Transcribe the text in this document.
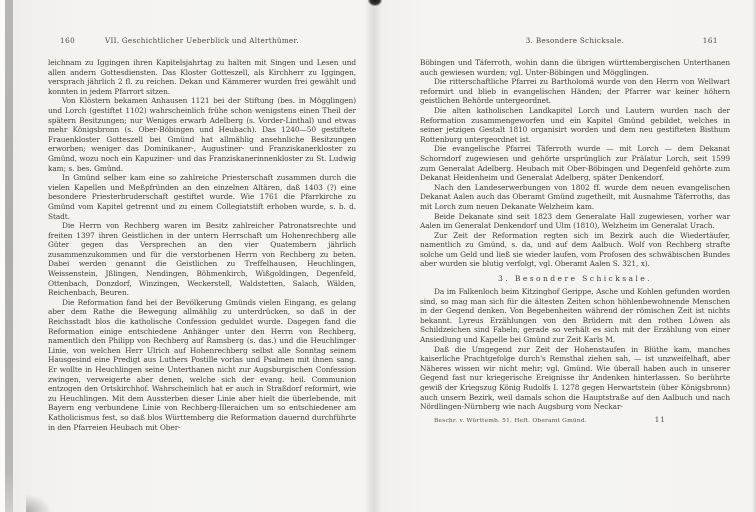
160	VII. Geschichtlicher Ueberblick und Alterthümer.

leichnam zu Iggingen ihren Kapitelsjahrtag zu halten mit Singen und Lesen und allen andern Gottesdiensten. Das Kloster Gotteszell, als Kirchherr zu Iggingen, versprach jährlich 2 fl. zu reichen. Dekan und Kämmerer wurden frei gewählt und konnten in jedem Pfarrort sitzen.

Von Klöstern bekamen Anhausen 1121 bei der Stiftung (bes. in Mögglingen) und Lorch (gestiftet 1102) wahrscheinlich frühe schon wenigstens einen Theil der spätern Besitzungen; nur Weniges erwarb Adelberg (s. Vorder-Linthal) und etwas mehr Königsbronn (s. Ober-Böbingen und Heubach). Das 1240—50 gestiftete Frauenkloster Gotteszell bei Gmünd hat allmählig ansehnliche Besitzungen erworben; weniger das Dominikaner-, Augustiner- und Franziskanerkloster zu Gmünd, wozu noch ein Kapuziner- und das Franziskanerinnenkloster zu St. Ludwig kam; s. bes. Gmünd.

In Gmünd selber kam eine so zahlreiche Priesterschaft zusammen durch die vielen Kapellen und Meßpfründen an den einzelnen Altären, daß 1403 (?) eine besondere Priesterbruderschaft gestiftet wurde. Wie 1761 die Pfarrkirche zu Gmünd vom Kapitel getrennt und zu einem Collegiatstift erhoben wurde, s. b. d. Stadt.

Die Herrn von Rechberg waren im Besitz zahlreicher Patronatsrechte und freiten 1397 ihren Geistlichen in der untern Herrschaft um Hohenrechberg alle Güter gegen das Versprechen an den vier Quatembern jährlich zusammenzukommen und für die verstorbenen Herrn von Rechberg zu beten. Dabei werden genannt die Geistlichen zu Treffelhausen, Heuchlingen, Weissenstein, Jßlingen, Nendingen, Böhmenkirch, Wißgoldingen, Degenfeld, Ottenbach, Donzdorf, Winzingen, Weckerstell, Waldstetten, Salach, Wälden, Reichenbach, Beuren.

Die Reformation fand bei der Bevölkerung Gmünds vielen Eingang, es gelang aber dem Rathe die Bewegung allmählig zu unterdrücken, so daß in der Reichsstadt blos die katholische Confession geduldet wurde. Dagegen fand die Reformation einige entschiedene Anhänger unter den Herrn von Rechberg, namentlich den Philipp von Rechberg auf Ramsberg (s. das.) und die Heuchlinger Linie, von welchen Herr Ulrich auf Hohenrechberg selbst alle Sonntag seinem Hausgesind eine Predigt aus Luthers Postille vorlas und Psalmen mit ihnen sang. Er wollte in Heuchlingen seine Unterthanen nicht zur Augsburgischen Confession zwingen, verweigerte aber denen, welche sich der evang. heil. Communion entzogen den Ortskirchhof. Wahrscheinlich hat er auch in Straßdorf reformirt, wie zu Heuchlingen. Mit dem Aussterben dieser Linie aber hielt die überlebende, mit Bayern eng verbundene Linie von Rechberg-Illeraichen um so entschiedener am Katholicismus fest, so daß blos Württemberg die Reformation dauernd durchführte in den Pfarreien Heubach mit Ober-

161
3. Besondere Schicksale.

Böbingen und Täferroth, wohin dann die übrigen württembergischen Unterthanen auch gewiesen wurden; vgl. Unter-Böbingen und Mögglingen.

Die ritterschaftliche Pfarrei zu Bartholomä wurde von den Herrn von Wellwart reformirt und blieb in evangelischen Händen; der Pfarrer war keiner höhern geistlichen Behörde untergeordnet.

Die alten katholischen Landkapitel Lorch und Lautern wurden nach der Reformation zusammengeworfen und ein Kapitel Gmünd gebildet, welches in seiner jetzigen Gestalt 1810 organisirt worden und dem neu gestifteten Bisthum Rottenburg untergeordnet ist.

Die evangelische Pfarrei Täferroth wurde — mit Lorch — dem Dekanat Schorndorf zugewiesen und gehörte ursprünglich zur Prälatur Lorch, seit 1599 zum Generalat Adelberg. Heubach mit Ober-Böbingen und Degenfeld gehörte zum Dekanat Heidenheim und Generalat Adelberg, später Denkendorf.

Nach den Landeserwerbungen von 1802 ff. wurde dem neuen evangelischen Dekanat Aalen auch das Oberamt Gmünd zugetheilt, mit Ausnahme Täferroths, das mit Lorch zum neuen Dekanate Welzheim kam.

Beide Dekanate sind seit 1823 dem Generalate Hall zugewiesen, vorher war Aalen im Generalat Denkendorf und Ulm (1810), Welzheim im Generalat Urach.

Zur Zeit der Reformation regten sich im Bezirk auch die Wiedertäufer, namentlich zu Gmünd, s. da, und auf dem Aalbuch. Wolf von Rechberg strafte solche um Geld und ließ sie wieder laufen, vom Profosen des schwäbischen Bundes aber wurden sie blutig verfolgt, vgl. Oberamt Aalen S. 321, x).

3. Besondere Schicksale.

Da im Falkenloch beim Kitzinghof Gerippe, Asche und Kohlen gefunden worden sind, so mag man sich für die ältesten Zeiten schon höhlenbewohnende Menschen in der Gegend denken. Von Begebenheiten während der römischen Zeit ist nichts bekannt. Lyreus Erzählungen von den Brüdern mit den rothen Löwen als Schildzeichen sind Fabeln; gerade so verhält es sich mit der Erzählung von einer Ansiedlung und Kapelle bei Gmünd zur Zeit Karls M.

Daß die Umgegend zur Zeit der Hohenstaufen in Blüthe kam, manches kaiserliche Prachtgefolge durch's Remsthal ziehen sah, — ist unzweifelhaft, aber Näheres wissen wir nicht mehr; vgl. Gmünd. Wie überall haben auch in unserer Gegend fast nur kriegerische Ereignisse ihr Andenken hinterlassen. So berührte gewiß der Kriegszug König Rudolfs I. 1278 gegen Herwartstein (über Königsbronn) auch unsern Bezirk, weil damals schon die Hauptstraße auf den Aalbuch und nach Nördlingen-Nürnberg wie nach Augsburg vom Neckar-

Beschr. v. Württemb. 51. Heft. Oberamt Gmünd.	11
